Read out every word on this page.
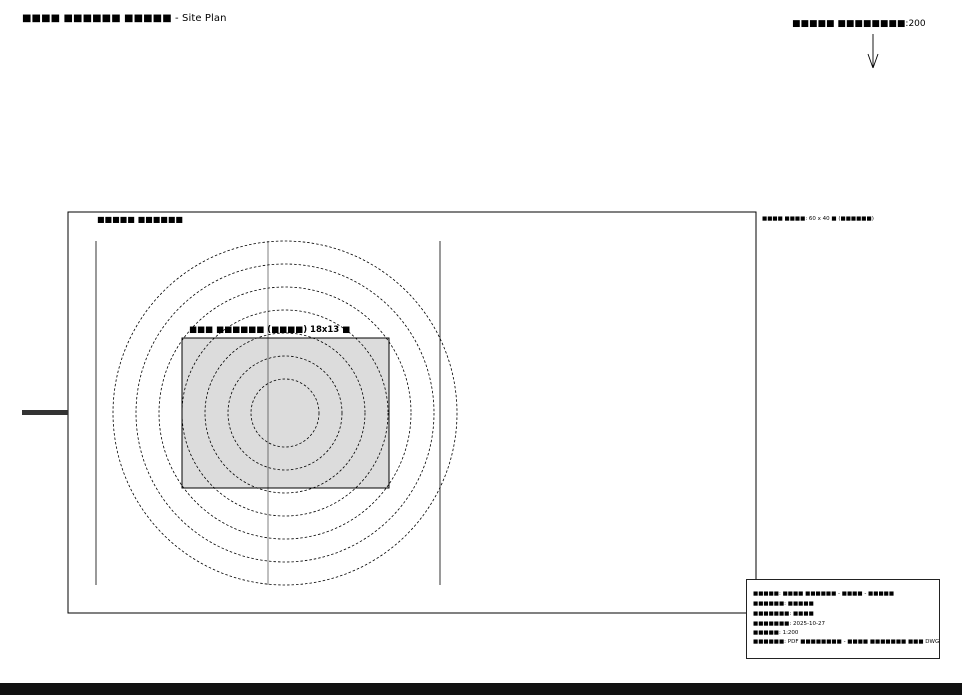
■■■■ ■■■■■■ ■■■■■ - Site Plan	■■■■■ ■■■■■■■■:200
■■■■ ■■■■: 60 x 40 ■ (■■■■■■)
■■■■■ ■■■■■■
■■■ ■■■■■■ (■■■■) 18x13 ■
■■■■■: ■■■■ ■■■■■■ - ■■■■ - ■■■■■
■■■■■■: ■■■■■
■■■■■■■: ■■■■
■■■■■■■: 2025-10-27
■■■■■: 1:200
■■■■■■: PDF ■■■■■■■■ - ■■■■ ■■■■■■■ ■■■ DWG
